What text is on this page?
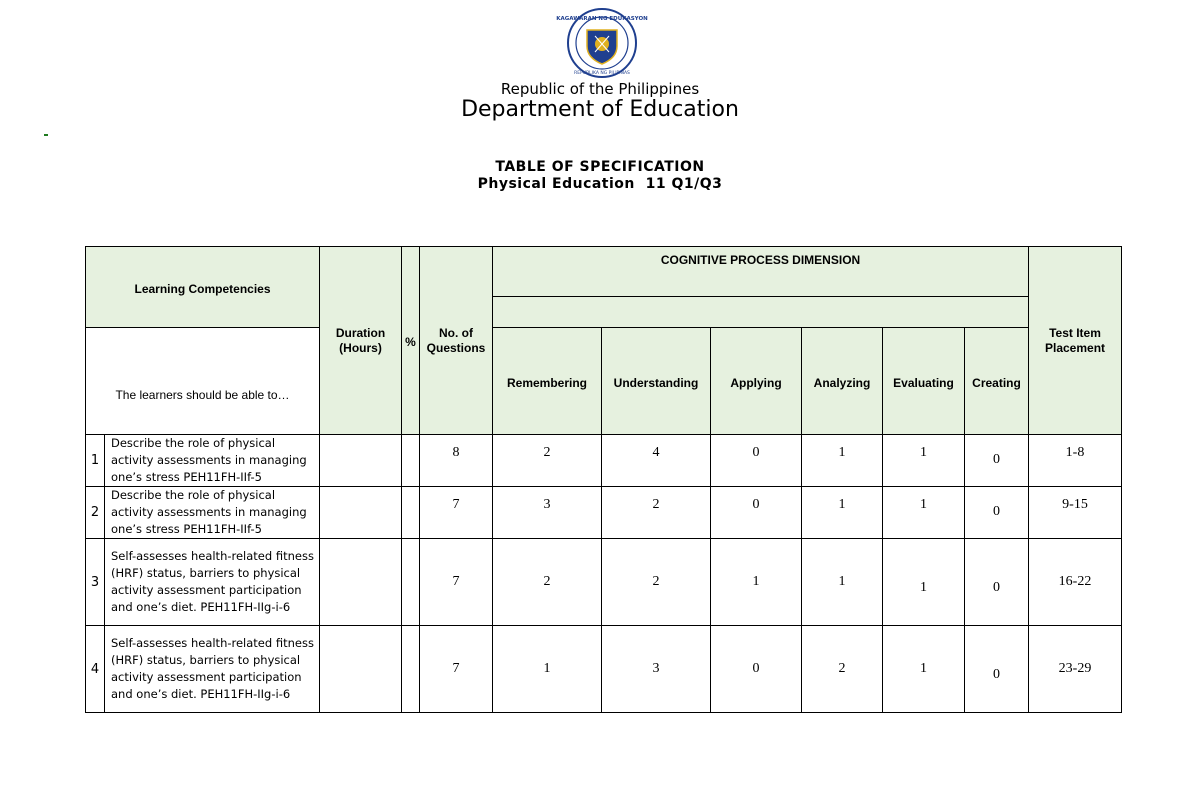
KAGAWARAN NG EDUKASYON
REPUBLIKA NG PILIPINAS
Republic of the Philippines
Department of Education
TABLE OF SPECIFICATION
Physical Education  11 Q1/Q3
Learning Competencies		Duration (Hours)	%	No. of Questions	COGNITIVE PROCESS DIMENSION						Test Item Placement

The learners should be able to…					Remembering	Understanding	Applying	Analyzing	Evaluating	Creating	

1	Describe the role of physical activity assessments in managing one’s stress PEH11FH-IIf-5			8	2	4	0	1	1	0	1-8
2	Describe the role of physical activity assessments in managing one’s stress PEH11FH-IIf-5			7	3	2	0	1	1	0	9-15
3	Self-assesses health-related fitness (HRF) status, barriers to physical activity assessment participation and one’s diet. PEH11FH-IIg-i-6			7	2	2	1	1	1	0	16-22
4	Self-assesses health-related fitness (HRF) status, barriers to physical activity assessment participation and one’s diet. PEH11FH-IIg-i-6			7	1	3	0	2	1	0	23-29
